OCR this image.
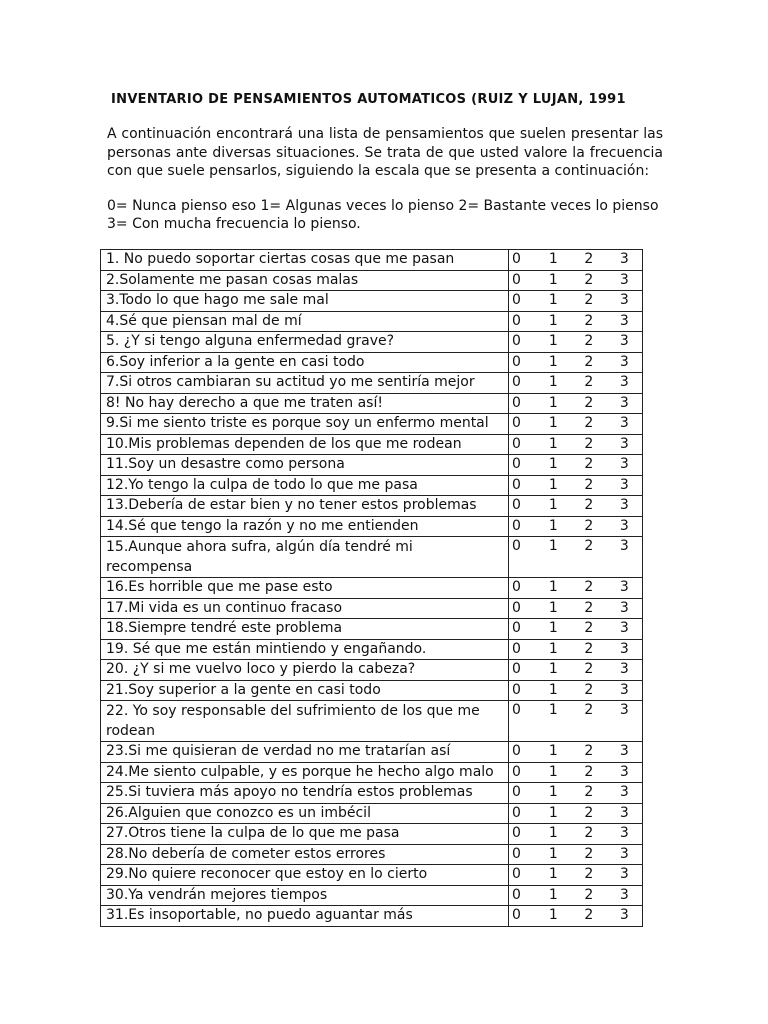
INVENTARIO DE PENSAMIENTOS AUTOMATICOS (RUIZ Y LUJAN, 1991

A continuación encontrará una lista de pensamientos que suelen presentar las personas ante diversas situaciones. Se trata de que usted valore la frecuencia con que suele pensarlos, siguiendo la escala que se presenta a continuación:

0= Nunca pienso eso 1= Algunas veces lo pienso 2= Bastante veces lo pienso
3= Con mucha frecuencia lo pienso.
1. No puedo soportar ciertas cosas que me pasan	0 1 2 3

2.Solamente me pasan cosas malas	0 1 2 3

3.Todo lo que hago me sale mal	0 1 2 3

4.Sé que piensan mal de mí	0 1 2 3

5. ¿Y si tengo alguna enfermedad grave?	0 1 2 3

6.Soy inferior a la gente en casi todo	0 1 2 3

7.Si otros cambiaran su actitud yo me sentiría mejor	0 1 2 3

8! No hay derecho a que me traten así!	0 1 2 3

9.Si me siento triste es porque soy un enfermo mental	0 1 2 3

10.Mis problemas dependen de los que me rodean	0 1 2 3

11.Soy un desastre como persona	0 1 2 3

12.Yo tengo la culpa de todo lo que me pasa	0 1 2 3

13.Debería de estar bien y no tener estos problemas	0 1 2 3

14.Sé que tengo la razón y no me entienden	0 1 2 3

15.Aunque ahora sufra, algún día tendré mi recompensa	0 1 2 3

16.Es horrible que me pase esto	0 1 2 3

17.Mi vida es un continuo fracaso	0 1 2 3

18.Siempre tendré este problema	0 1 2 3

19. Sé que me están mintiendo y engañando.	0 1 2 3

20. ¿Y si me vuelvo loco y pierdo la cabeza?	0 1 2 3

21.Soy superior a la gente en casi todo	0 1 2 3

22. Yo soy responsable del sufrimiento de los que me rodean	0 1 2 3

23.Si me quisieran de verdad no me tratarían así	0 1 2 3

24.Me siento culpable, y es porque he hecho algo malo	0 1 2 3

25.Si tuviera más apoyo no tendría estos problemas	0 1 2 3

26.Alguien que conozco es un imbécil	0 1 2 3

27.Otros tiene la culpa de lo que me pasa	0 1 2 3

28.No debería de cometer estos errores	0 1 2 3

29.No quiere reconocer que estoy en lo cierto	0 1 2 3

30.Ya vendrán mejores tiempos	0 1 2 3

31.Es insoportable, no puedo aguantar más	0 1 2 3
